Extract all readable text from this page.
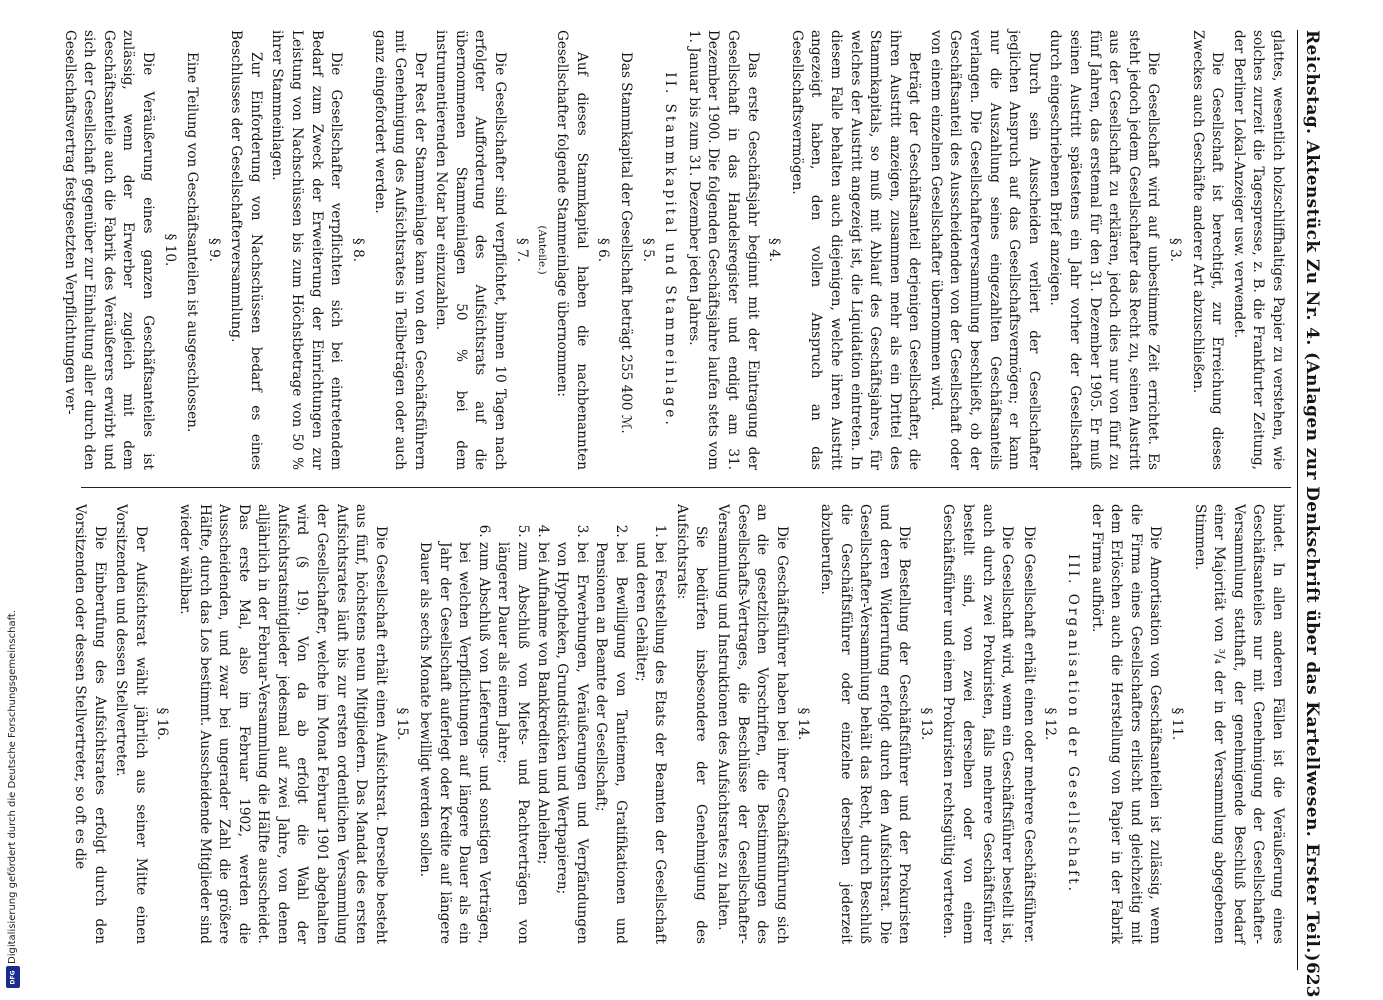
Digitalisierung gefördert durch die Deutsche Forschungsgemeinschaft.
DFG
Reichstag. Aktenstück Zu Nr. 4. (Anlagen zur Denkschrift über das Kartellwesen. Erster Teil.)
623

glattes, wesentlich holzschliffhaltiges Papier zu verstehen, wie solches zurzeit die Tagespresse, z. B. die Frankfurter Zeitung, der Berliner Lokal-Anzeiger usw. verwendet.

Die Gesellschaft ist berechtigt, zur Erreichung dieses Zweckes auch Geschäfte anderer Art abzuschließen.

§ 3.

Die Gesellschaft wird auf unbestimmte Zeit errichtet. Es steht jedoch jedem Gesellschafter das Recht zu, seinen Austritt aus der Gesellschaft zu erklären, jedoch dies nur von fünf zu fünf Jahren, das erstemal für den 31. Dezember 1905. Er muß seinen Austritt spätestens ein Jahr vorher der Gesellschaft durch eingeschriebenen Brief anzeigen.

Durch sein Ausscheiden verliert der Gesellschafter jeglichen Anspruch auf das Gesellschaftsvermögen; er kann nur die Auszahlung seines eingezahlten Geschäftsanteils verlangen. Die Gesellschafterversammlung beschließt, ob der Geschäftsanteil des Ausscheidenden von der Gesellschaft oder von einem einzelnen Gesellschafter übernommen wird.

Beträgt der Geschäftsanteil derjenigen Gesellschafter, die ihren Austritt anzeigen, zusammen mehr als ein Drittel des Stammkapitals, so muß mit Ablauf des Geschäftsjahres, für welches der Austritt angezeigt ist, die Liquidation eintreten. In diesem Falle behalten auch diejenigen, welche ihren Austritt angezeigt haben, den vollen Anspruch an das Gesellschaftsvermögen.

§ 4.

Das erste Geschäftsjahr beginnt mit der Eintragung der Gesellschaft in das Handelsregister und endigt am 31. Dezember 1900. Die folgenden Geschäftsjahre laufen stets vom 1. Januar bis zum 31. Dezember jeden Jahres.

II. Stammkapital und Stammeinlage.
§ 5.

Das Stammkapital der Gesellschaft beträgt 255 400 ℳ.

§ 6.

Auf dieses Stammkapital haben die nachbenannten Gesellschafter folgende Stammeinlage übernommen:

(Anteile.)
§ 7.

Die Gesellschafter sind verpflichtet, binnen 10 Tagen nach erfolgter Aufforderung des Aufsichtsrats auf die übernommenen Stammeinlagen 50 % bei dem instrumentierenden Notar bar einzuzahlen.

Der Rest der Stammeinlage kann von den Geschäftsführern mit Genehmigung des Aufsichtsrates in Teilbeträgen oder auch ganz eingefordert werden.

§ 8.

Die Gesellschafter verpflichten sich bei eintretendem Bedarf zum Zweck der Erweiterung der Einrichtungen zur Leistung von Nachschüssen bis zum Höchstbetrage von 50 % ihrer Stammeinlagen.

Zur Einforderung von Nachschüssen bedarf es eines Beschlusses der Gesellschafterversammlung.

§ 9.

Eine Teilung von Geschäftsanteilen ist ausgeschlossen.

§ 10.

Die Veräußerung eines ganzen Geschäftsanteiles ist zulässig, wenn der Erwerber zugleich mit dem Geschäftsanteile auch die Fabrik des Veräußerers erwirbt und sich der Gesellschaft gegenüber zur Einhaltung aller durch den Gesellschaftsvertrag festgesetzten Verpflichtungen ver-

bindet. In allen anderen Fällen ist die Veräußerung eines Geschäftsanteiles nur mit Genehmigung der Gesellschafter-Versammlung statthaft, der genehmigende Beschluß bedarf einer Majorität von ³/₄ der in der Versammlung abgegebenen Stimmen.

§ 11.

Die Amortisation von Geschäftsanteilen ist zulässig, wenn die Firma eines Gesellschafters erlischt und gleichzeitig mit dem Erlöschen auch die Herstellung von Papier in der Fabrik der Firma aufhört.

III. Organisation der Gesellschaft.
§ 12.

Die Gesellschaft erhält einen oder mehrere Geschäftsführer.

Die Gesellschaft wird, wenn ein Geschäftsführer bestellt ist, auch durch zwei Prokuristen, falls mehrere Geschäftsführer bestellt sind, von zwei derselben oder von einem Geschäftsführer und einem Prokuristen rechtsgültig vertreten.

§ 13.

Die Bestellung der Geschäftsführer und der Prokuristen und deren Widerrufung erfolgt durch den Aufsichtsrat. Die Gesellschafter-Versammlung behält das Recht, durch Beschluß die Geschäftsführer oder einzelne derselben jederzeit abzuberufen.

§ 14.

Die Geschäftsführer haben bei ihrer Geschäftsführung sich an die gesetzlichen Vorschriften, die Bestimmungen des Gesellschafts-Vertrages, die Beschlüsse der Gesellschafter-Versammlung und Instruktionen des Aufsichtsrates zu halten.

Sie bedürfen insbesondere der Genehmigung des Aufsichtsrats:

1. bei Feststellung des Etats der Beamten der Gesellschaft und deren Gehälter;
2. bei Bewilligung von Tantiemen, Gratifikationen und Pensionen an Beamte der Gesellschaft;
3. bei Erwerbungen, Veräußerungen und Verpfändungen von Hypotheken, Grundstücken und Wertpapieren;
4. bei Aufnahme von Bankkrediten und Anleihen;
5. zum Abschluß von Miets- und Pachtverträgen von längerer Dauer als einem Jahre;
6. zum Abschluß von Lieferungs- und sonstigen Verträgen, bei welchen Verpflichtungen auf längere Dauer als ein Jahr der Gesellschaft auferlegt oder Kredite auf längere Dauer als sechs Monate bewilligt werden sollen.
§ 15.

Die Gesellschaft erhält einen Aufsichtsrat. Derselbe besteht aus fünf, höchstens neun Mitgliedern. Das Mandat des ersten Aufsichtsrates läuft bis zur ersten ordentlichen Versammlung der Gesellschafter, welche im Monat Februar 1901 abgehalten wird (§ 19). Von da ab erfolgt die Wahl der Aufsichtsratsmitglieder jedesmal auf zwei Jahre, von denen alljährlich in der Februar-Versammlung die Hälfte ausscheidet. Das erste Mal, also im Februar 1902, werden die Ausscheidenden, und zwar bei ungerader Zahl die größere Hälfte, durch das Los bestimmt. Ausscheidende Mitglieder sind wieder wählbar.

§ 16.

Der Aufsichtsrat wählt jährlich aus seiner Mitte einen Vorsitzenden und dessen Stellvertreter.

Die Einberufung des Aufsichtsrates erfolgt durch den Vorsitzenden oder dessen Stellvertreter, so oft es die
